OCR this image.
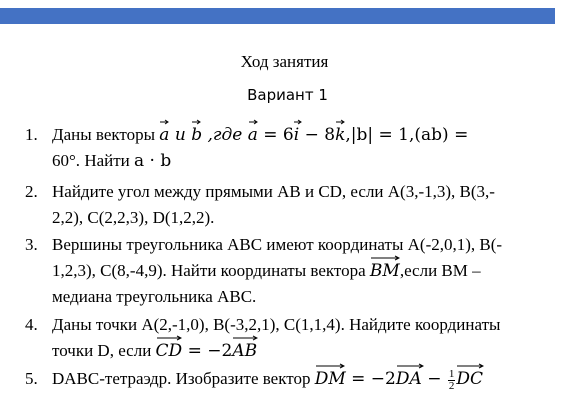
Ход занятия
Вариант 1
1. Даны векторы a
и b
,где a
= 6i
− 8k
,|b| = 1,(ab) =
60°. Найти a · b
2. Найдите угол между прямыми АВ и CD, если А(3,-1,3), В(3,-
2,2), С(2,2,3), D(1,2,2).
3. Вершины треугольника АВС имеют координаты А(-2,0,1), В(-
1,2,3), С(8,-4,9). Найти координаты вектора BM
,если ВМ –
медиана треугольника АВС.
4. Даны точки А(2,-1,0), В(-3,2,1), С(1,1,4). Найдите координаты
точки D, если CD
= −2AB
5. DABC-тетраэдр. Изобразите вектор DM
= −2DA
− $\frac{1}{2}$ DC
